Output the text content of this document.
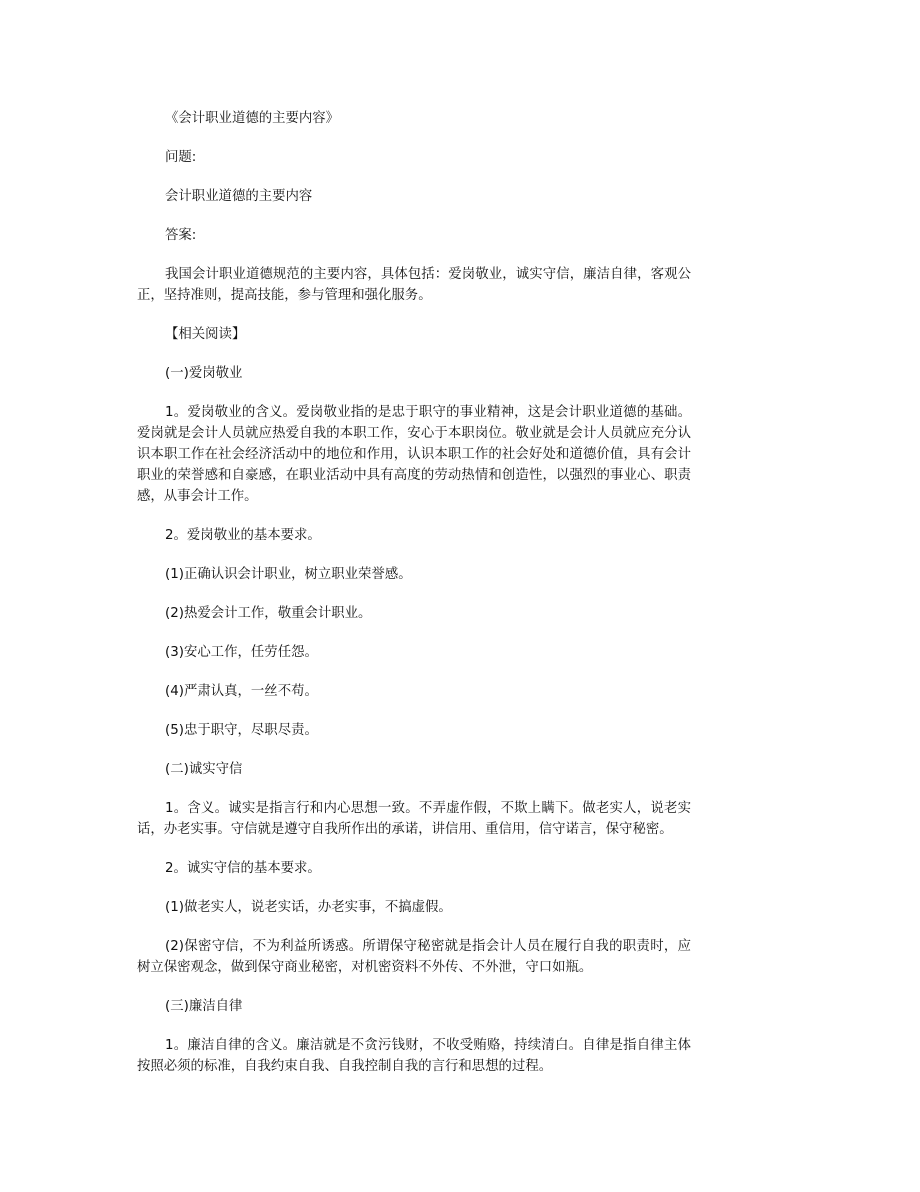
《会计职业道德的主要内容》

问题:

会计职业道德的主要内容

答案:

我国会计职业道德规范的主要内容，具体包括：爱岗敬业，诚实守信，廉洁自律，客观公正，坚持准则，提高技能，参与管理和强化服务。

【相关阅读】

(一)爱岗敬业

1。爱岗敬业的含义。爱岗敬业指的是忠于职守的事业精神，这是会计职业道德的基础。爱岗就是会计人员就应热爱自我的本职工作，安心于本职岗位。敬业就是会计人员就应充分认识本职工作在社会经济活动中的地位和作用，认识本职工作的社会好处和道德价值，具有会计职业的荣誉感和自豪感，在职业活动中具有高度的劳动热情和创造性，以强烈的事业心、职责感，从事会计工作。

2。爱岗敬业的基本要求。

(1)正确认识会计职业，树立职业荣誉感。

(2)热爱会计工作，敬重会计职业。

(3)安心工作，任劳任怨。

(4)严肃认真，一丝不苟。

(5)忠于职守，尽职尽责。

(二)诚实守信

1。含义。诚实是指言行和内心思想一致。不弄虚作假，不欺上瞒下。做老实人，说老实话，办老实事。守信就是遵守自我所作出的承诺，讲信用、重信用，信守诺言，保守秘密。

2。诚实守信的基本要求。

(1)做老实人，说老实话，办老实事，不搞虚假。

(2)保密守信，不为利益所诱惑。所谓保守秘密就是指会计人员在履行自我的职责时，应树立保密观念，做到保守商业秘密，对机密资料不外传、不外泄，守口如瓶。

(三)廉洁自律

1。廉洁自律的含义。廉洁就是不贪污钱财，不收受贿赂，持续清白。自律是指自律主体按照必须的标准，自我约束自我、自我控制自我的言行和思想的过程。
